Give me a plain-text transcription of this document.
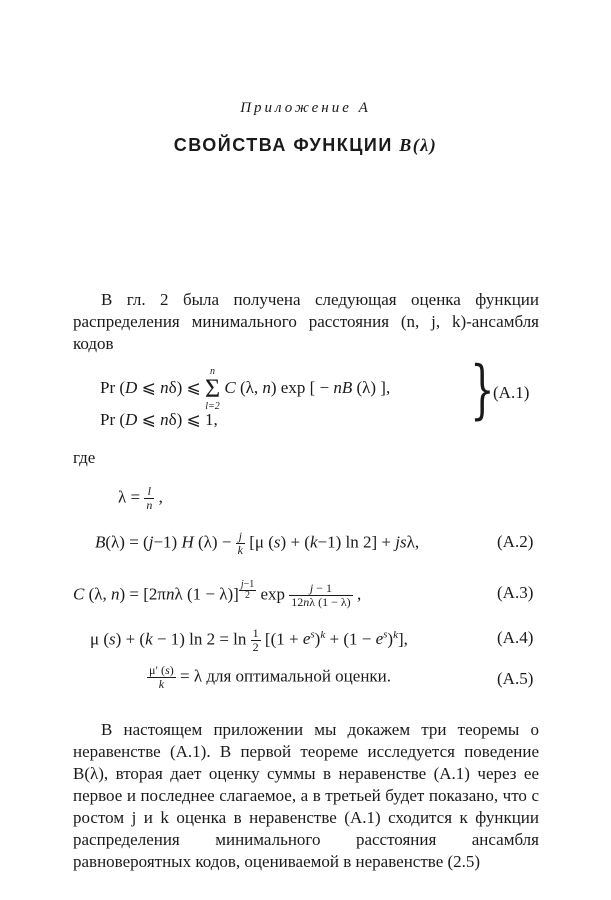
Приложение А
СВОЙСТВА ФУНКЦИИ B(λ)
В гл. 2 была получена следующая оценка функции распределения минимального расстояния (n, j, k)-ансамбля кодов
Pr (D ⩽ nδ) ⩽
n
Σ
l=2
C (λ, n) exp [ − nB (λ) ],
Pr (D ⩽ nδ) ⩽ 1,	}
(A.1)
где
$\lambda = \frac{l}{n}$ ,
B(λ) = (j−1) H $(\lambda) - \frac{j}{k} [\mu$ (s) + (k−1) ln 2] + jsλ,	(A.2)
C (λ, n) = [2πnλ (1 − λ)] $^{\frac{j-1}{2}}$ $\exp \frac{j - 1}{12n\lambda (1 - \lambda)}$ ,	(A.3)
μ (s) + (k − 1) $\ln 2 = \ln \frac{1}{2} [(1 + e^s)^k + (1 - e^s)^k]$,	(A.4)
$\frac{\mu' (s)}{k} = \lambda$ для оптимальной оценки.	(A.5)
В настоящем приложении мы докажем три теоремы о неравенстве (А.1). В первой теореме исследуется поведение B(λ), вторая дает оценку суммы в неравенстве (А.1) через ее первое и последнее слагаемое, а в третьей будет показано, что с ростом j и k оценка в неравенстве (А.1) сходится к функции распределения минимального расстояния ансамбля равновероятных кодов, оцениваемой в неравенстве (2.5)
